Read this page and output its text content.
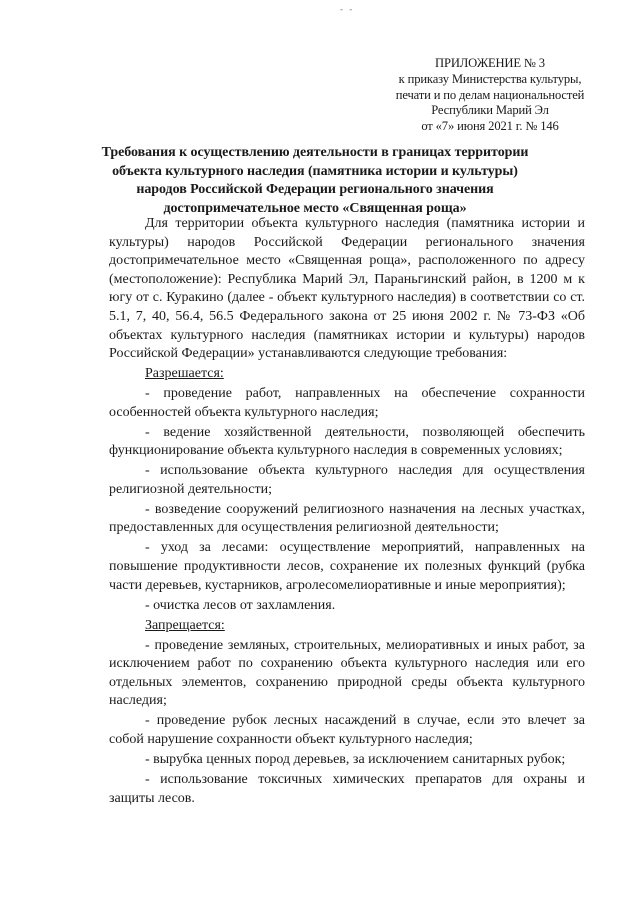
- -
ПРИЛОЖЕНИЕ № 3
к приказу Министерства культуры,
печати и по делам национальностей
Республики Марий Эл
от «7» июня 2021 г. № 146
Требования к осуществлению деятельности в границах территории
объекта культурного наследия (памятника истории и культуры)
народов Российской Федерации регионального значения
достопримечательное место «Священная роща»

Для территории объекта культурного наследия (памятника истории и культуры) народов Российской Федерации регионального значения достопримечательное место «Священная роща», расположенного по адресу (местоположение): Республика Марий Эл, Параньгинский район, в 1200 м к югу от с. Куракино (далее - объект культурного наследия) в соответствии со ст. 5.1, 7, 40, 56.4, 56.5 Федерального закона от 25 июня 2002 г. № 73-ФЗ «Об объектах культурного наследия (памятниках истории и культуры) народов Российской Федерации» устанавливаются следующие требования:

Разрешается:

- проведение работ, направленных на обеспечение сохранности особенностей объекта культурного наследия;

- ведение хозяйственной деятельности, позволяющей обеспечить функционирование объекта культурного наследия в современных условиях;

- использование объекта культурного наследия для осуществления религиозной деятельности;

- возведение сооружений религиозного назначения на лесных участках, предоставленных для осуществления религиозной деятельности;

- уход за лесами: осуществление мероприятий, направленных на повышение продуктивности лесов, сохранение их полезных функций (рубка части деревьев, кустарников, агролесомелиоративные и иные мероприятия);

- очистка лесов от захламления.

Запрещается:

- проведение земляных, строительных, мелиоративных и иных работ, за исключением работ по сохранению объекта культурного наследия или его отдельных элементов, сохранению природной среды объекта культурного наследия;

- проведение рубок лесных насаждений в случае, если это влечет за собой нарушение сохранности объект культурного наследия;

- вырубка ценных пород деревьев, за исключением санитарных рубок;

- использование токсичных химических препаратов для охраны и защиты лесов.
